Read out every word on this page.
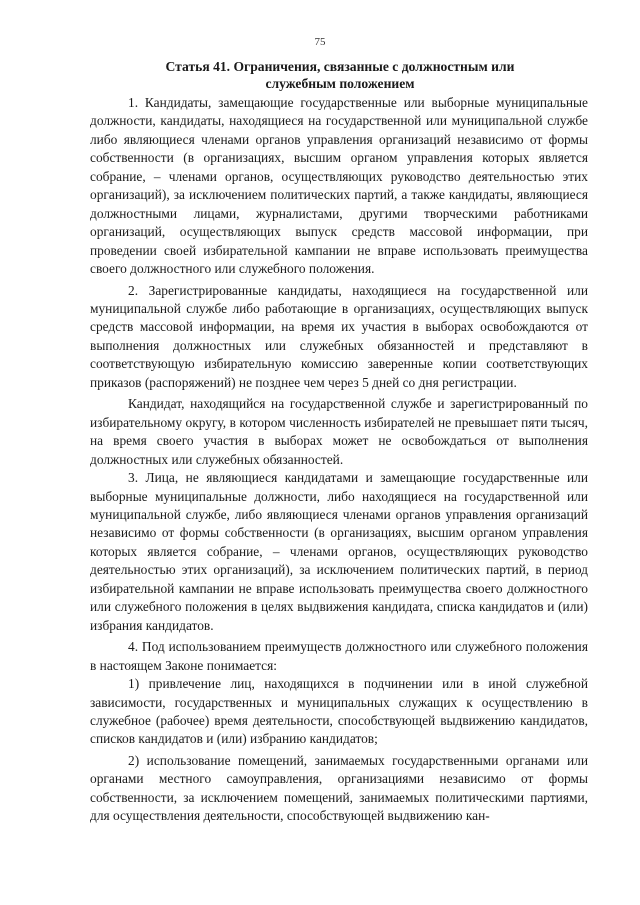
75
Статья 41. Ограничения, связанные с должностным или
служебным положением

1. Кандидаты, замещающие государственные или выборные муниципальные должности, кандидаты, находящиеся на государственной или муниципальной службе либо являющиеся членами органов управления организаций независимо от формы собственности (в организациях, высшим органом управления которых является собрание, – членами органов, осуществляющих руководство деятельностью этих организаций), за исключением политических партий, а также кандидаты, являющиеся должностными лицами, журналистами, другими творческими работниками организаций, осуществляющих выпуск средств массовой информации, при проведении своей избирательной кампании не вправе использовать преимущества своего должностного или служебного положения.

2. Зарегистрированные кандидаты, находящиеся на государственной или муниципальной службе либо работающие в организациях, осуществляющих выпуск средств массовой информации, на время их участия в выборах освобождаются от выполнения должностных или служебных обязанностей и представляют в соответствующую избирательную комиссию заверенные копии соответствующих приказов (распоряжений) не позднее чем через 5 дней со дня регистрации.

Кандидат, находящийся на государственной службе и зарегистрированный по избирательному округу, в котором численность избирателей не превышает пяти тысяч, на время своего участия в выборах может не освобождаться от выполнения должностных или служебных обязанностей.

3. Лица, не являющиеся кандидатами и замещающие государственные или выборные муниципальные должности, либо находящиеся на государственной или муниципальной службе, либо являющиеся членами органов управления организаций независимо от формы собственности (в организациях, высшим органом управления которых является собрание, – членами органов, осуществляющих руководство деятельностью этих организаций), за исключением политических партий, в период избирательной кампании не вправе использовать преимущества своего должностного или служебного положения в целях выдвижения кандидата, списка кандидатов и (или) избрания кандидатов.

4. Под использованием преимуществ должностного или служебного положения в настоящем Законе понимается:

1) привлечение лиц, находящихся в подчинении или в иной служебной зависимости, государственных и муниципальных служащих к осуществлению в служебное (рабочее) время деятельности, способствующей выдвижению кандидатов, списков кандидатов и (или) избранию кандидатов;

2) использование помещений, занимаемых государственными органами или органами местного самоуправления, организациями независимо от формы собственности, за исключением помещений, занимаемых политическими партиями, для осуществления деятельности, способствующей выдвижению кан-
